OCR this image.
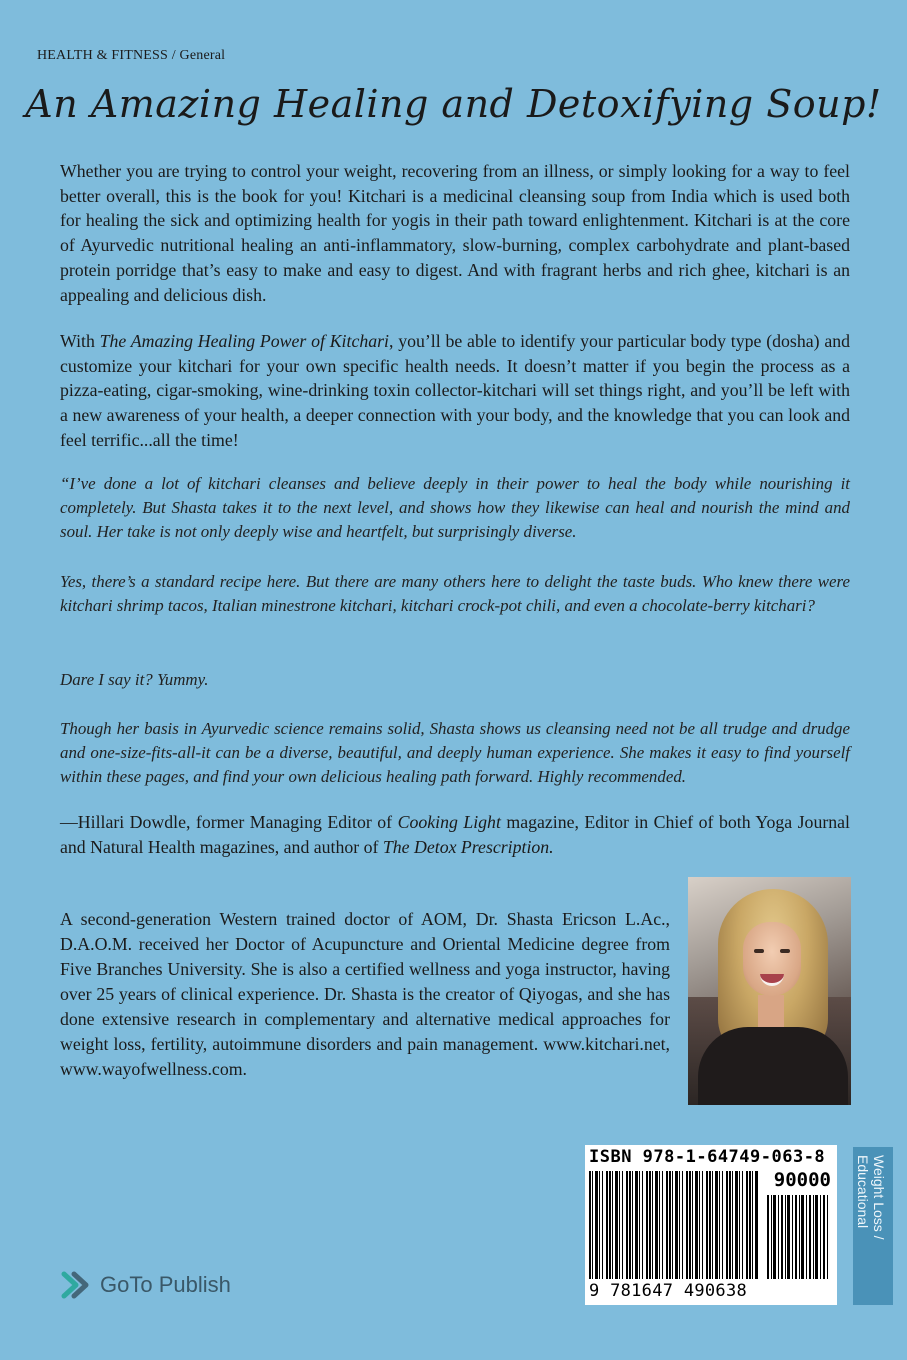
HEALTH & FITNESS / General
An Amazing Healing and Detoxifying Soup!
Whether you are trying to control your weight, recovering from an illness, or simply looking for a way to feel better overall, this is the book for you! Kitchari is a medicinal cleansing soup from India which is used both for healing the sick and optimizing health for yogis in their path toward enlightenment. Kitchari is at the core of Ayurvedic nutritional healing an anti-inflammatory, slow-burning, complex carbohydrate and plant-based protein porridge that’s easy to make and easy to digest. And with fragrant herbs and rich ghee, kitchari is an appealing and delicious dish.
With The Amazing Healing Power of Kitchari, you’ll be able to identify your particular body type (dosha) and customize your kitchari for your own specific health needs. It doesn’t matter if you begin the process as a pizza-eating, cigar-smoking, wine-drinking toxin collector-kitchari will set things right, and you’ll be left with a new awareness of your health, a deeper connection with your body, and the knowledge that you can look and feel terrific...all the time!
“I’ve done a lot of kitchari cleanses and believe deeply in their power to heal the body while nourishing it completely. But Shasta takes it to the next level, and shows how they likewise can heal and nourish the mind and soul. Her take is not only deeply wise and heartfelt, but surprisingly diverse.
Yes, there’s a standard recipe here. But there are many others here to delight the taste buds. Who knew there were kitchari shrimp tacos, Italian minestrone kitchari, kitchari crock-pot chili, and even a chocolate-berry kitchari?
Dare I say it? Yummy.
Though her basis in Ayurvedic science remains solid, Shasta shows us cleansing need not be all trudge and drudge and one-size-fits-all-it can be a diverse, beautiful, and deeply human experience. She makes it easy to find yourself within these pages, and find your own delicious healing path forward. Highly recommended.
—Hillari Dowdle, former Managing Editor of Cooking Light magazine, Editor in Chief of both Yoga Journal and Natural Health magazines, and author of The Detox Prescription.
A second-generation Western trained doctor of AOM, Dr. Shasta Ericson L.Ac., D.A.O.M. received her Doctor of Acupuncture and Oriental Medicine degree from Five Branches University. She is also a certified wellness and yoga instructor, having over 25 years of clinical experience. Dr. Shasta is the creator of Qiyogas, and she has done extensive research in complementary and alternative medical approaches for weight loss, fertility, autoimmune disorders and pain management. www.kitchari.net, www.wayofwellness.com.
ISBN 978-1-64749-063-8
90000
9 781647 490638
Weight Loss / Educational
GoTo Publish
